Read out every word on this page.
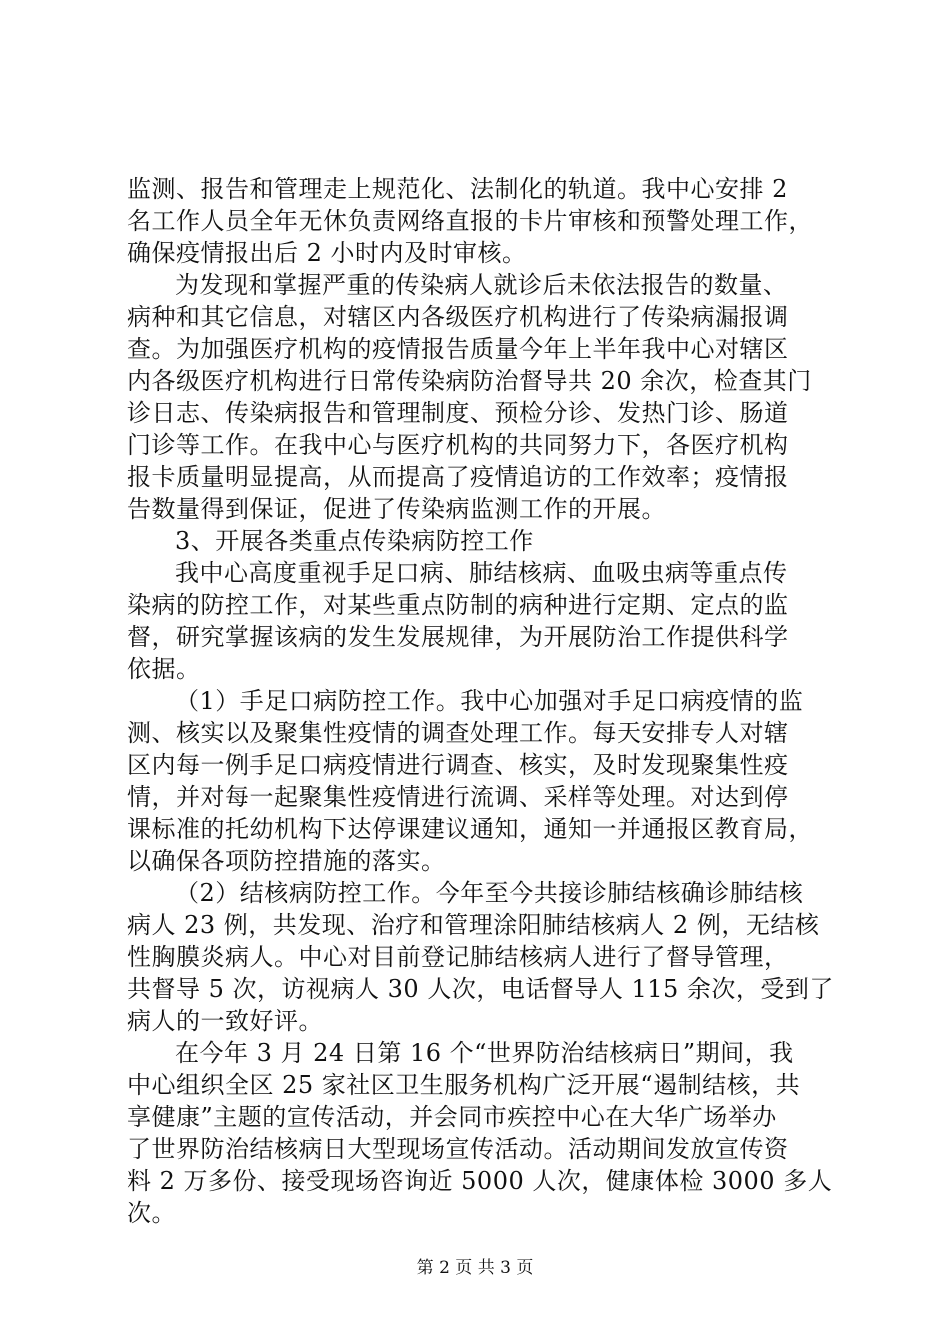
监测、报告和管理走上规范化、法制化的轨道。我中心安排 2
名工作人员全年无休负责网络直报的卡片审核和预警处理工作，
确保疫情报出后 2 小时内及时审核。
为发现和掌握严重的传染病人就诊后未依法报告的数量、
病种和其它信息，对辖区内各级医疗机构进行了传染病漏报调
查。为加强医疗机构的疫情报告质量今年上半年我中心对辖区
内各级医疗机构进行日常传染病防治督导共 20 余次，检查其门
诊日志、传染病报告和管理制度、预检分诊、发热门诊、肠道
门诊等工作。在我中心与医疗机构的共同努力下，各医疗机构
报卡质量明显提高，从而提高了疫情追访的工作效率；疫情报
告数量得到保证，促进了传染病监测工作的开展。
3、开展各类重点传染病防控工作
我中心高度重视手足口病、肺结核病、血吸虫病等重点传
染病的防控工作，对某些重点防制的病种进行定期、定点的监
督，研究掌握该病的发生发展规律，为开展防治工作提供科学
依据。
（1）手足口病防控工作。我中心加强对手足口病疫情的监
测、核实以及聚集性疫情的调查处理工作。每天安排专人对辖
区内每一例手足口病疫情进行调查、核实，及时发现聚集性疫
情，并对每一起聚集性疫情进行流调、采样等处理。对达到停
课标准的托幼机构下达停课建议通知，通知一并通报区教育局，
以确保各项防控措施的落实。
（2）结核病防控工作。今年至今共接诊肺结核确诊肺结核
病人 23 例，共发现、治疗和管理涂阳肺结核病人 2 例，无结核
性胸膜炎病人。中心对目前登记肺结核病人进行了督导管理，
共督导 5 次，访视病人 30 人次，电话督导人 115 余次，受到了
病人的一致好评。
在今年 3 月 24 日第 16 个“世界防治结核病日”期间，我
中心组织全区 25 家社区卫生服务机构广泛开展“遏制结核，共
享健康”主题的宣传活动，并会同市疾控中心在大华广场举办
了世界防治结核病日大型现场宣传活动。活动期间发放宣传资
料 2 万多份、接受现场咨询近 5000 人次，健康体检 3000 多人
次。
第 2 页 共 3 页
